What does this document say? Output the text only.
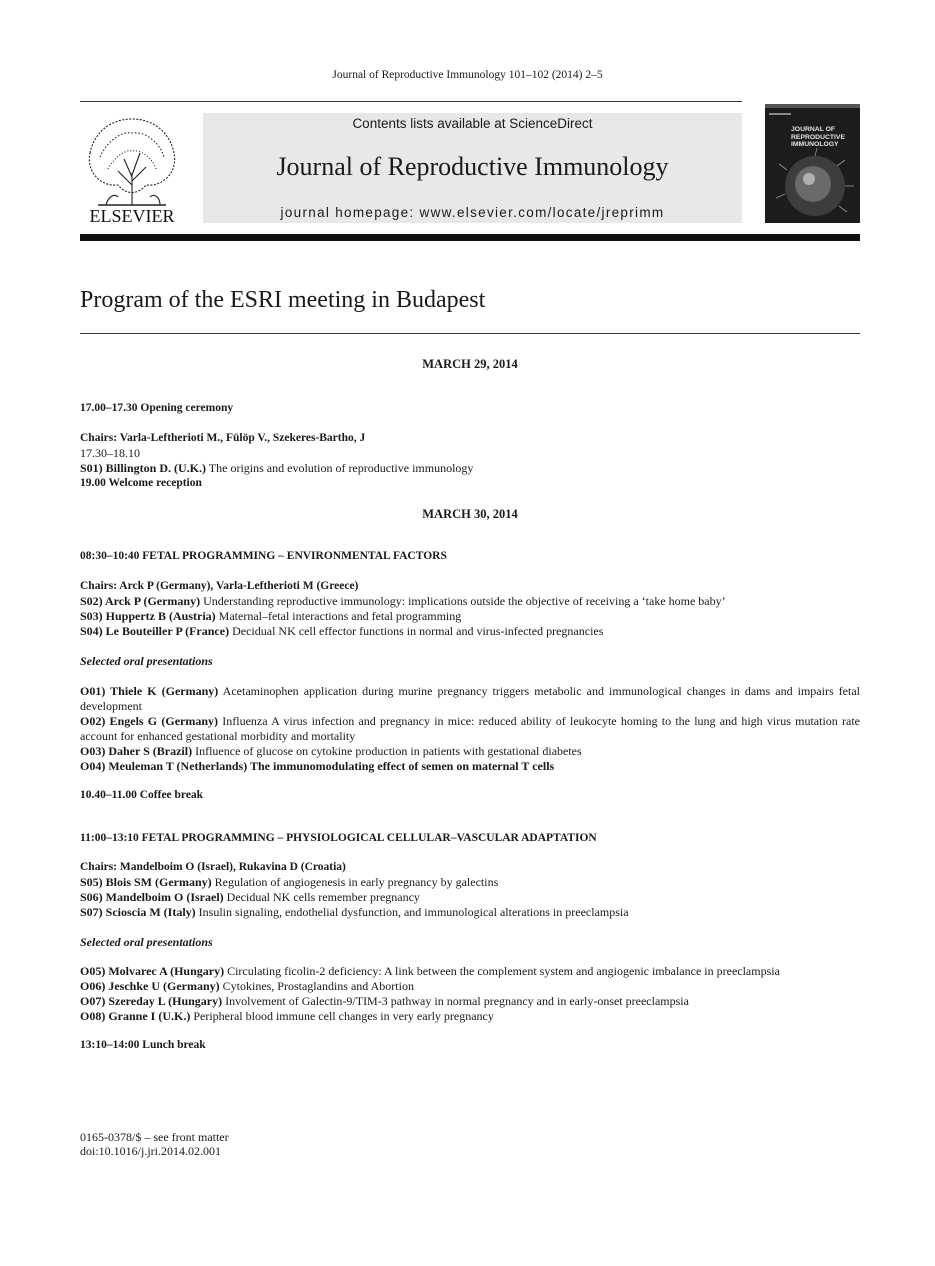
Journal of Reproductive Immunology 101–102 (2014) 2–5
ELSEVIER
Contents lists available at ScienceDirect
Journal of Reproductive Immunology
journal homepage: www.elsevier.com/locate/jreprimm
JOURNAL OF
REPRODUCTIVE
IMMUNOLOGY
Program of the ESRI meeting in Budapest

MARCH 29, 2014

17.00–17.30 Opening ceremony

Chairs: Varla-Leftherioti M., Fülöp V., Szekeres-Bartho, J

17.30–18.10

S01) Billington D. (U.K.) The origins and evolution of reproductive immunology

19.00 Welcome reception

MARCH 30, 2014

08:30–10:40 FETAL PROGRAMMING – ENVIRONMENTAL FACTORS

Chairs: Arck P (Germany), Varla-Leftherioti M (Greece)

S02) Arck P (Germany) Understanding reproductive immunology: implications outside the objective of receiving a ‘take home baby’

S03) Huppertz B (Austria) Maternal–fetal interactions and fetal programming

S04) Le Bouteiller P (France) Decidual NK cell effector functions in normal and virus-infected pregnancies

Selected oral presentations

O01) Thiele K (Germany) Acetaminophen application during murine pregnancy triggers metabolic and immunological changes in dams and impairs fetal development

O02) Engels G (Germany) Influenza A virus infection and pregnancy in mice: reduced ability of leukocyte homing to the lung and high virus mutation rate account for enhanced gestational morbidity and mortality

O03) Daher S (Brazil) Influence of glucose on cytokine production in patients with gestational diabetes

O04) Meuleman T (Netherlands) The immunomodulating effect of semen on maternal T cells

10.40–11.00 Coffee break

11:00–13:10 FETAL PROGRAMMING – PHYSIOLOGICAL CELLULAR–VASCULAR ADAPTATION

Chairs: Mandelboim O (Israel), Rukavina D (Croatia)

S05) Blois SM (Germany) Regulation of angiogenesis in early pregnancy by galectins

S06) Mandelboim O (Israel) Decidual NK cells remember pregnancy

S07) Scioscia M (Italy) Insulin signaling, endothelial dysfunction, and immunological alterations in preeclampsia

Selected oral presentations

O05) Molvarec A (Hungary) Circulating ficolin-2 deficiency: A link between the complement system and angiogenic imbalance in preeclampsia

O06) Jeschke U (Germany) Cytokines, Prostaglandins and Abortion

O07) Szereday L (Hungary) Involvement of Galectin-9/TIM-3 pathway in normal pregnancy and in early-onset preeclampsia

O08) Granne I (U.K.) Peripheral blood immune cell changes in very early pregnancy

13:10–14:00 Lunch break

0165-0378/$ – see front matter
doi:10.1016/j.jri.2014.02.001
